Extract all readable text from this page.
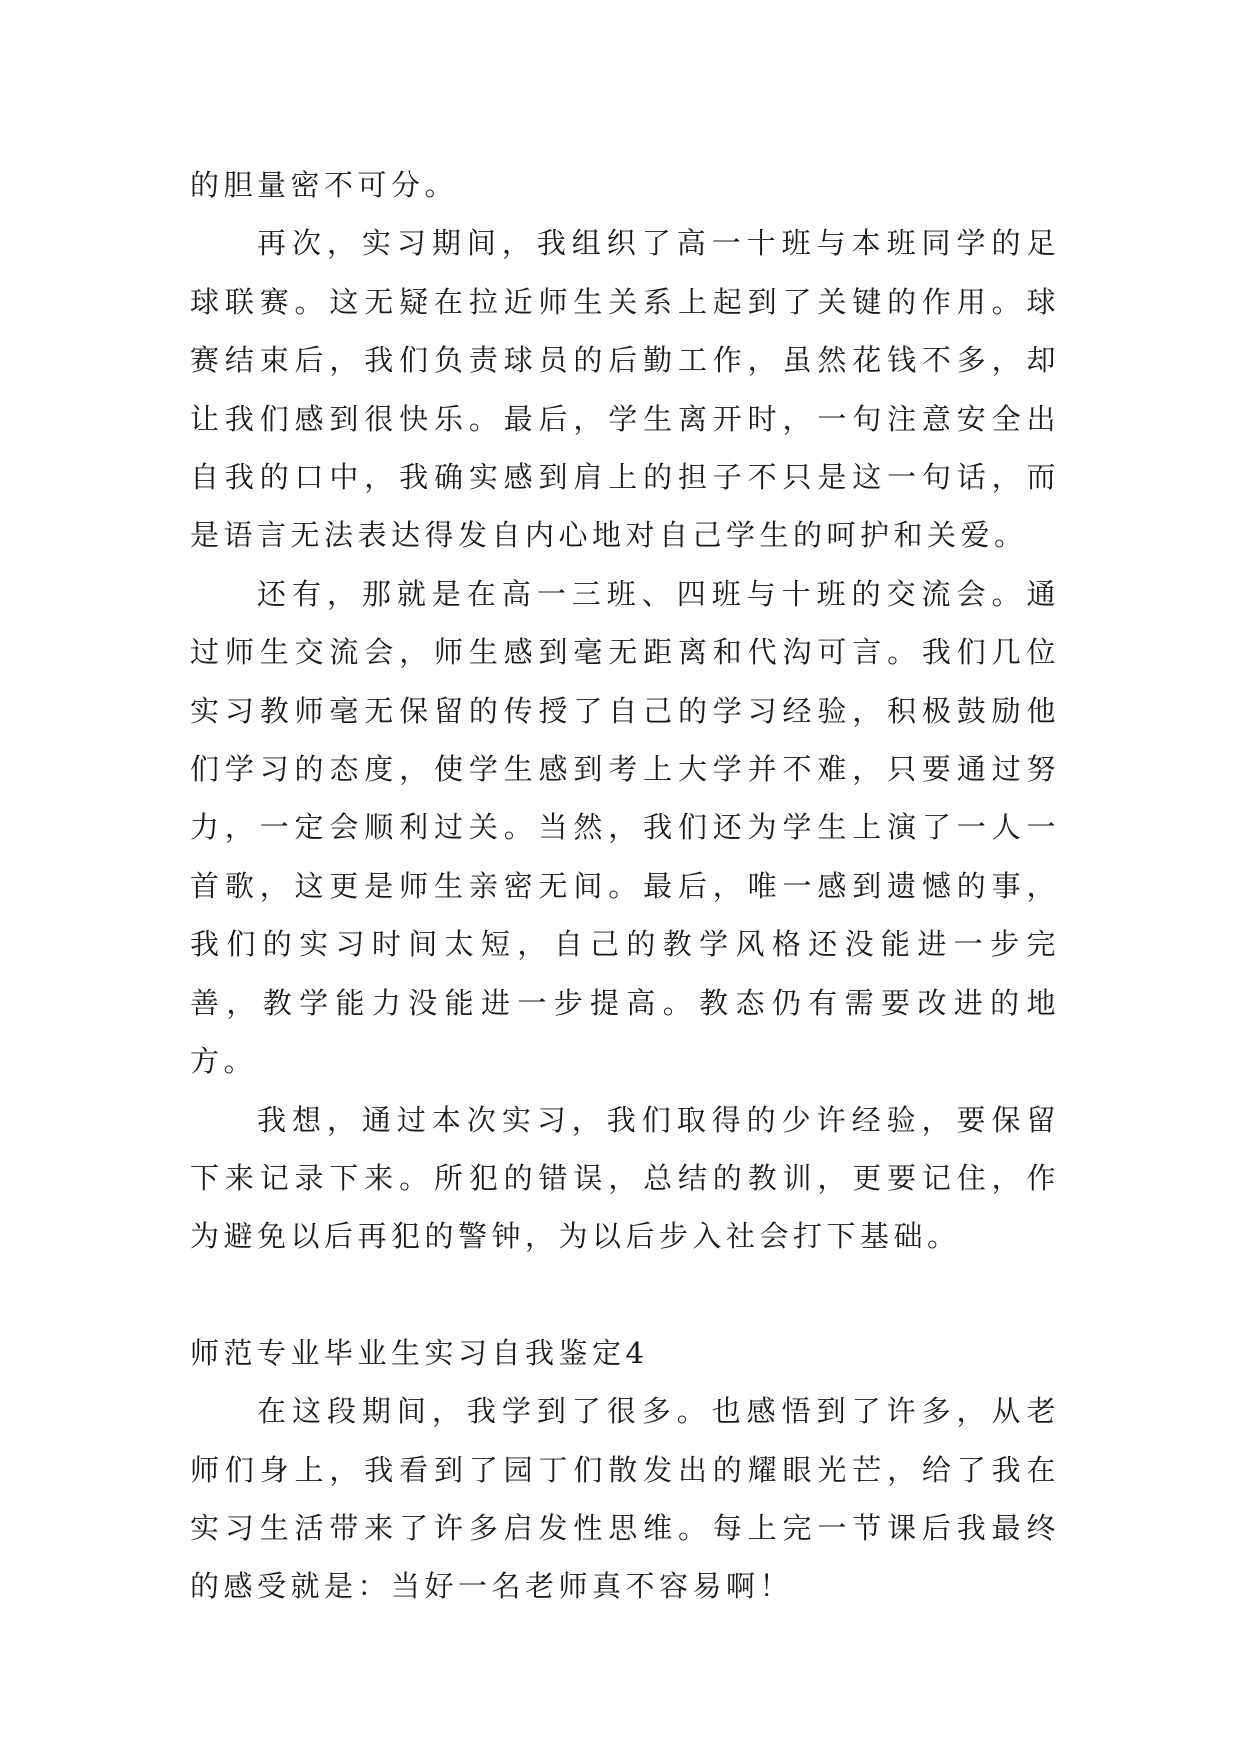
的胆量密不可分。

再次，实习期间，我组织了高一十班与本班同学的足球联赛。这无疑在拉近师生关系上起到了关键的作用。球赛结束后，我们负责球员的后勤工作，虽然花钱不多，却让我们感到很快乐。最后，学生离开时，一句注意安全出自我的口中，我确实感到肩上的担子不只是这一句话，而是语言无法表达得发自内心地对自己学生的呵护和关爱。

还有，那就是在高一三班、四班与十班的交流会。通过师生交流会，师生感到毫无距离和代沟可言。我们几位实习教师毫无保留的传授了自己的学习经验，积极鼓励他们学习的态度，使学生感到考上大学并不难，只要通过努力，一定会顺利过关。当然，我们还为学生上演了一人一首歌，这更是师生亲密无间。最后，唯一感到遗憾的事，我们的实习时间太短，自己的教学风格还没能进一步完善，教学能力没能进一步提高。教态仍有需要改进的地方。

我想，通过本次实习，我们取得的少许经验，要保留下来记录下来。所犯的错误，总结的教训，更要记住，作为避免以后再犯的警钟，为以后步入社会打下基础。

师范专业毕业生实习自我鉴定4

在这段期间，我学到了很多。也感悟到了许多，从老师们身上，我看到了园丁们散发出的耀眼光芒，给了我在实习生活带来了许多启发性思维。每上完一节课后我最终的感受就是：当好一名老师真不容易啊！
